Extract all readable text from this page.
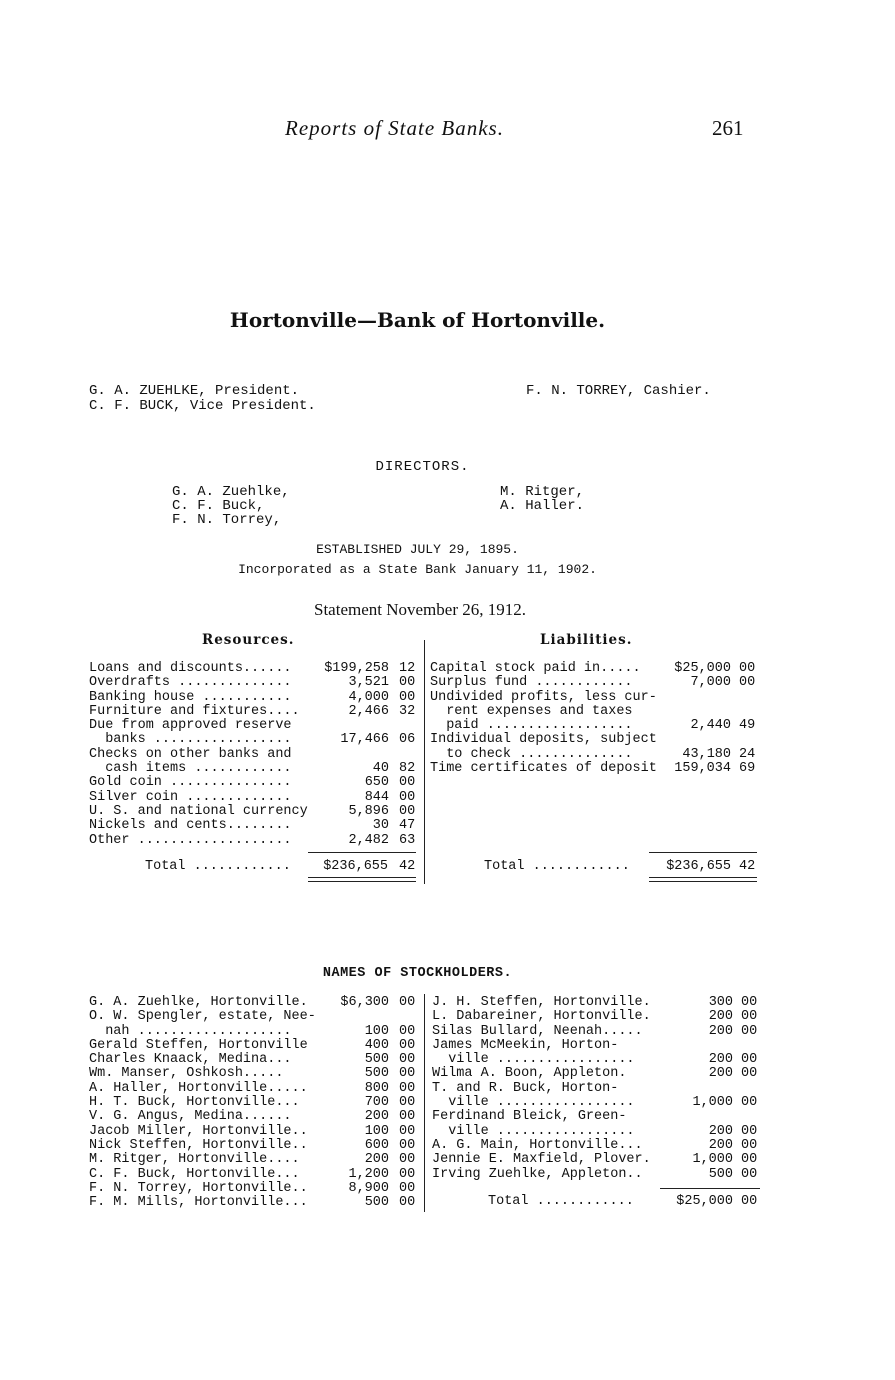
Reports of State Banks.	261
Hortonville—Bank of Hortonville.
G. A. ZUEHLKE, President.
C. F. BUCK, Vice President.
F. N. TORREY, Cashier.
DIRECTORS.
G. A. Zuehlke,
C. F. Buck,
F. N. Torrey,
M. Ritger,
A. Haller.
ESTABLISHED JULY 29, 1895.
Incorporated as a State Bank January 11, 1902.
Statement November 26, 1912.
Resources.	Liabilities.
Loans and discounts......	$199,258 12
Overdrafts ..............	3,521 00
Banking house ...........	4,000 00
Furniture and fixtures....	2,466 32
Due from approved reserve
banks .................	17,466 06
Checks on other banks and
cash items ............	40 82
Gold coin ...............	650 00
Silver coin .............	844 00
U. S. and national currency	5,896 00
Nickels and cents........	30 47
Other ...................	2,482 63
Capital stock paid in.....	$25,000 00
Surplus fund ............	7,000 00
Undivided profits, less cur-
rent expenses and taxes
paid ..................	2,440 49
Individual deposits, subject
to check ..............	43,180 24
Time certificates of deposit	159,034 69
Total ............	$236,655 42	Total ............	$236,655 42
NAMES OF STOCKHOLDERS.
G. A. Zuehlke, Hortonville.	$6,300 00
O. W. Spengler, estate, Nee-
nah ...................	100 00
Gerald Steffen, Hortonville	400 00
Charles Knaack, Medina...	500 00
Wm. Manser, Oshkosh.....	500 00
A. Haller, Hortonville.....	800 00
H. T. Buck, Hortonville...	700 00
V. G. Angus, Medina......	200 00
Jacob Miller, Hortonville..	100 00
Nick Steffen, Hortonville..	600 00
M. Ritger, Hortonville....	200 00
C. F. Buck, Hortonville...	1,200 00
F. N. Torrey, Hortonville..	8,900 00
F. M. Mills, Hortonville...	500 00
J. H. Steffen, Hortonville.	300 00
L. Dabareiner, Hortonville.	200 00
Silas Bullard, Neenah.....	200 00
James McMeekin, Horton-
ville .................	200 00
Wilma A. Boon, Appleton.	200 00
T. and R. Buck, Horton-
ville .................	1,000 00
Ferdinand Bleick, Green-
ville .................	200 00
A. G. Main, Hortonville...	200 00
Jennie E. Maxfield, Plover.	1,000 00
Irving Zuehlke, Appleton..	500 00
Total ............	$25,000 00
